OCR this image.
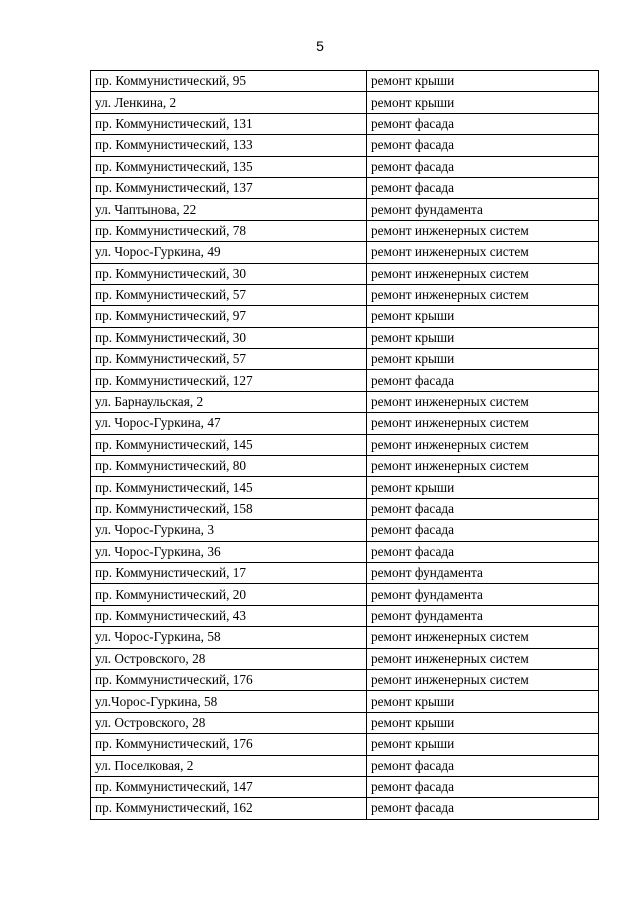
5
пр. Коммунистический, 95	ремонт крыши
ул. Ленкина, 2	ремонт крыши
пр. Коммунистический, 131	ремонт фасада
пр. Коммунистический, 133	ремонт фасада
пр. Коммунистический, 135	ремонт фасада
пр. Коммунистический, 137	ремонт фасада
ул. Чаптынова, 22	ремонт фундамента
пр. Коммунистический, 78	ремонт инженерных систем
ул. Чорос-Гуркина, 49	ремонт инженерных систем
пр. Коммунистический, 30	ремонт инженерных систем
пр. Коммунистический, 57	ремонт инженерных систем
пр. Коммунистический, 97	ремонт крыши
пр. Коммунистический, 30	ремонт крыши
пр. Коммунистический, 57	ремонт крыши
пр. Коммунистический, 127	ремонт фасада
ул. Барнаульская, 2	ремонт инженерных систем
ул. Чорос-Гуркина, 47	ремонт инженерных систем
пр. Коммунистический, 145	ремонт инженерных систем
пр. Коммунистический, 80	ремонт инженерных систем
пр. Коммунистический, 145	ремонт крыши
пр. Коммунистический, 158	ремонт фасада
ул. Чорос-Гуркина, 3	ремонт фасада
ул. Чорос-Гуркина, 36	ремонт фасада
пр. Коммунистический, 17	ремонт фундамента
пр. Коммунистический, 20	ремонт фундамента
пр. Коммунистический, 43	ремонт фундамента
ул. Чорос-Гуркина, 58	ремонт инженерных систем
ул. Островского, 28	ремонт инженерных систем
пр. Коммунистический, 176	ремонт инженерных систем
ул.Чорос-Гуркина, 58	ремонт крыши
ул. Островского, 28	ремонт крыши
пр. Коммунистический, 176	ремонт крыши
ул. Поселковая, 2	ремонт фасада
пр. Коммунистический, 147	ремонт фасада
пр. Коммунистический, 162	ремонт фасада
